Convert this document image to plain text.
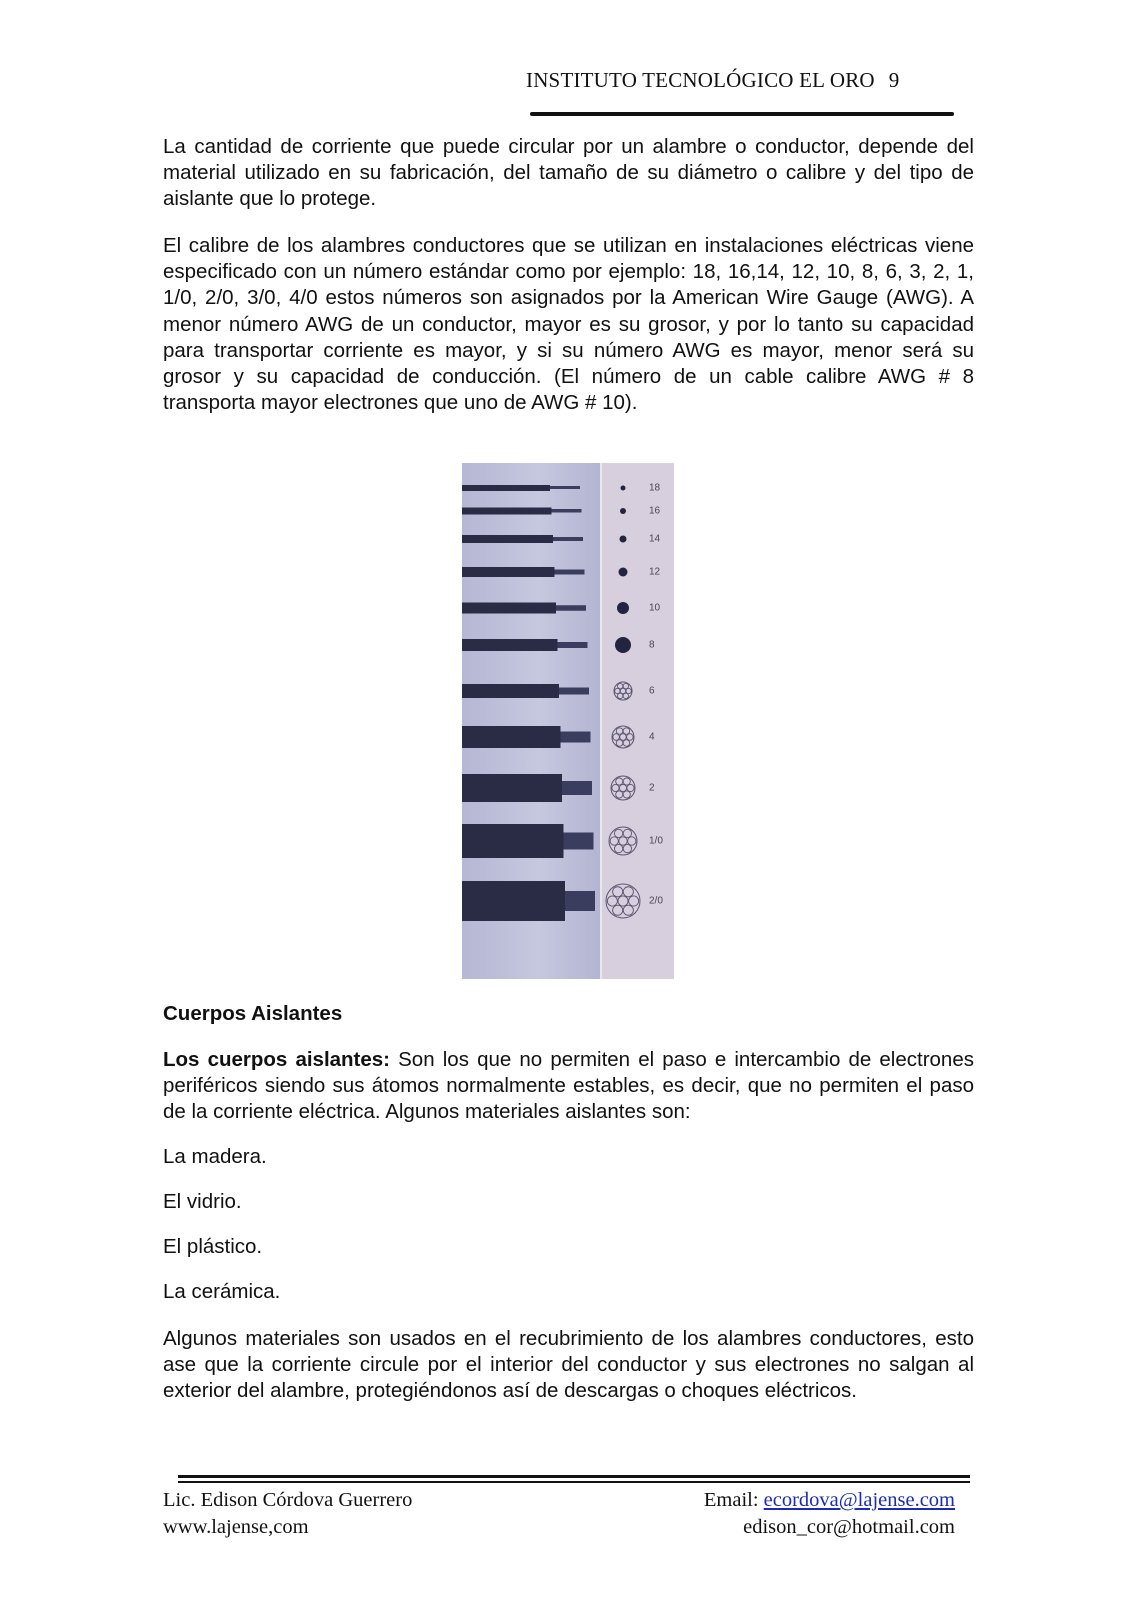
INSTITUTO TECNOLÓGICO EL ORO 9

La cantidad de corriente que puede circular por un alambre o conductor, depende del material utilizado en su fabricación, del tamaño de su diámetro o calibre y del tipo de aislante que lo protege.

El calibre de los alambres conductores que se utilizan en instalaciones eléctricas viene especificado con un número estándar como por ejemplo: 18, 16,14, 12, 10, 8, 6, 3, 2, 1, 1/0, 2/0, 3/0, 4/0 estos números son asignados por la American Wire Gauge (AWG). A menor número AWG de un conductor, mayor es su grosor, y por lo tanto su capacidad para transportar corriente es mayor, y si su número AWG es mayor, menor será su grosor y su capacidad de conducción. (El número de un cable calibre AWG # 8 transporta mayor electrones que uno de AWG # 10).

18
16
14
12
10
8
6
4
2
1/0
2/0
Cuerpos Aislantes

Los cuerpos aislantes: Son los que no permiten el paso e intercambio de electrones periféricos siendo sus átomos normalmente estables, es decir, que no permiten el paso de la corriente eléctrica. Algunos materiales aislantes son:

La madera.
El vidrio.
El plástico.
La cerámica.

Algunos materiales son usados en el recubrimiento de los alambres conductores, esto ase que la corriente circule por el interior del conductor y sus electrones no salgan al exterior del alambre, protegiéndonos así de descargas o choques eléctricos.

Lic. Edison Córdova Guerrero
www.lajense,com
Email: ecordova@lajense.com
edison_cor@hotmail.com
